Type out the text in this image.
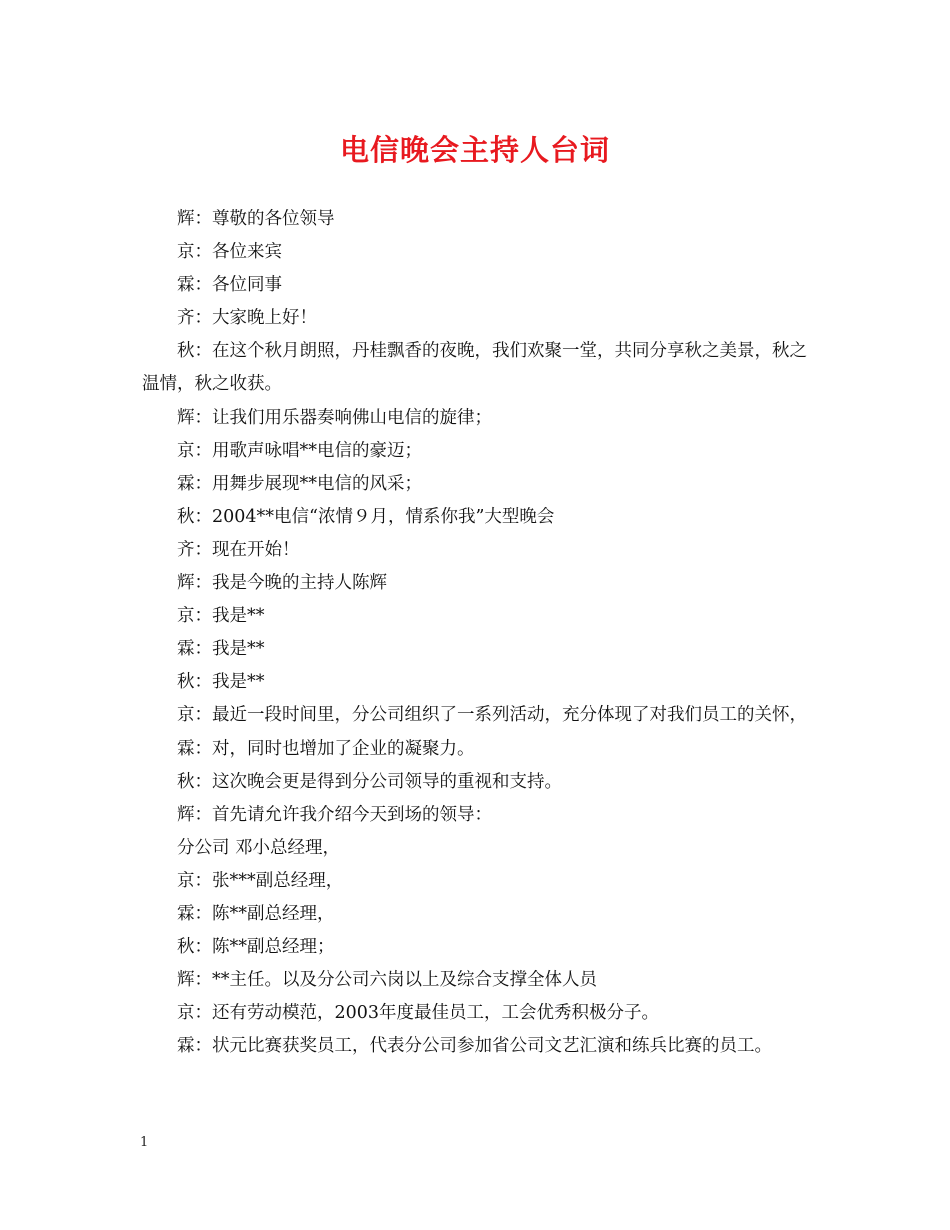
电信晚会主持人台词

辉：尊敬的各位领导

京：各位来宾

霖：各位同事

齐：大家晚上好！

秋：在这个秋月朗照，丹桂飘香的夜晚，我们欢聚一堂，共同分享秋之美景，秋之温情，秋之收获。

辉：让我们用乐器奏响佛山电信的旋律；

京：用歌声咏唱**电信的豪迈；

霖：用舞步展现**电信的风采；

秋：2004**电信“浓情９月，情系你我”大型晚会

齐：现在开始！

辉：我是今晚的主持人陈辉

京：我是**

霖：我是**

秋：我是**

京：最近一段时间里，分公司组织了一系列活动，充分体现了对我们员工的关怀，

霖：对，同时也增加了企业的凝聚力。

秋：这次晚会更是得到分公司领导的重视和支持。

辉：首先请允许我介绍今天到场的领导：

分公司 邓小总经理，

京：张***副总经理，

霖：陈**副总经理，

秋：陈**副总经理；

辉：**主任。以及分公司六岗以上及综合支撑全体人员

京：还有劳动模范，2003年度最佳员工，工会优秀积极分子。

霖：状元比赛获奖员工，代表分公司参加省公司文艺汇演和练兵比赛的员工。

1
